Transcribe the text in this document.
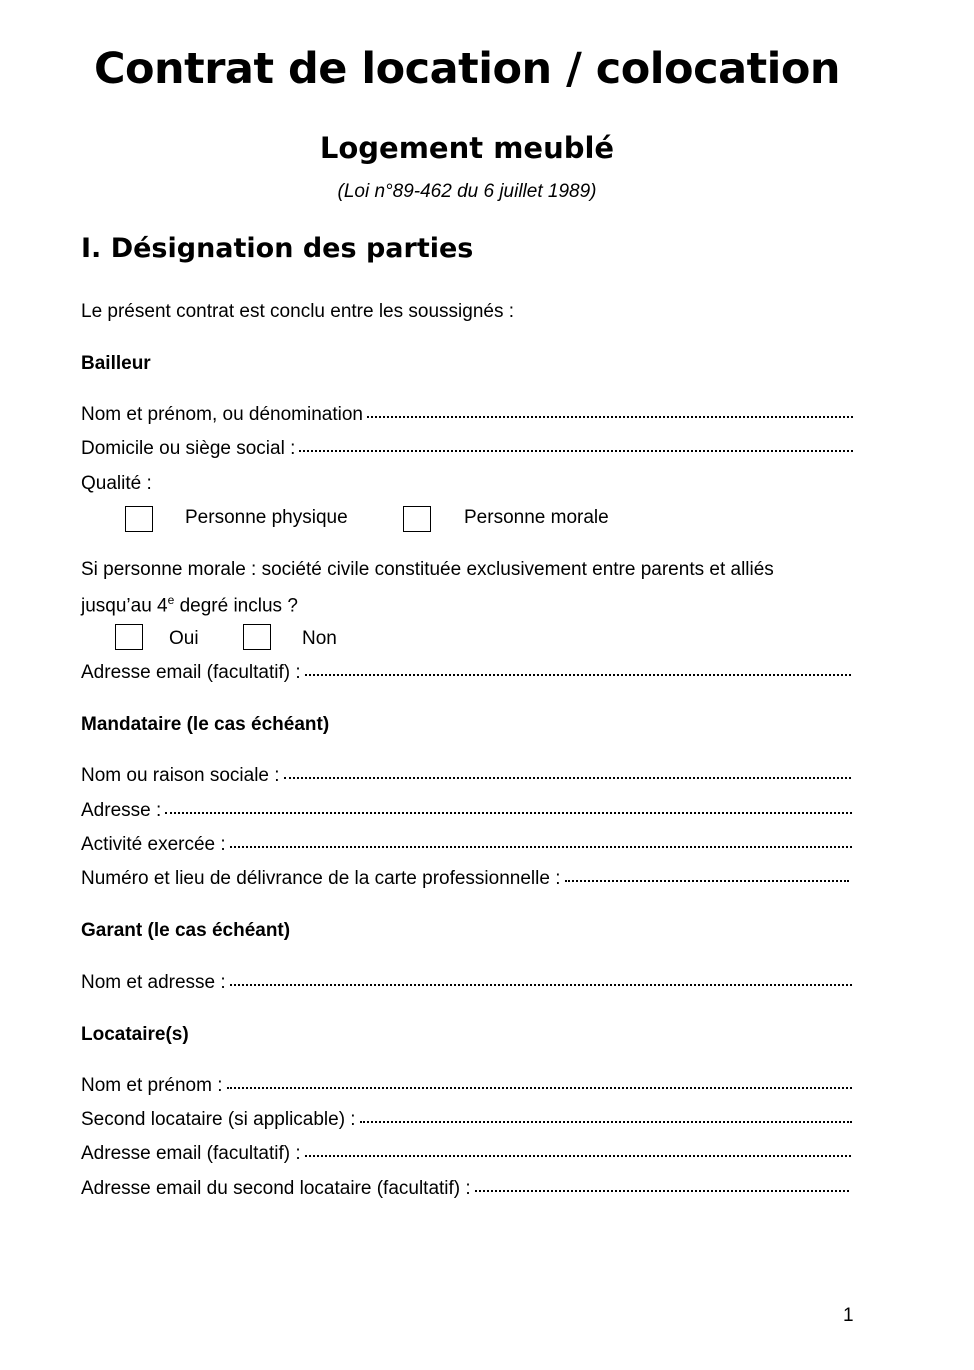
Contrat de location / colocation
Logement meublé
(Loi n°89-462 du 6 juillet 1989)
I. Désignation des parties
Le présent contrat est conclu entre les soussignés :
Bailleur
Nom et prénom, ou dénomination
Domicile ou siège social :
Qualité :
Personne physique	Personne morale
Si personne morale : société civile constituée exclusivement entre parents et alliés
jusqu’au 4e degré inclus ?
Oui	Non
Adresse email (facultatif) :
Mandataire (le cas échéant)
Nom ou raison sociale :
Adresse :
Activité exercée :
Numéro et lieu de délivrance de la carte professionnelle :
Garant (le cas échéant)
Nom et adresse :
Locataire(s)
Nom et prénom :
Second locataire (si applicable) :
Adresse email (facultatif) :
Adresse email du second locataire (facultatif) :
1
